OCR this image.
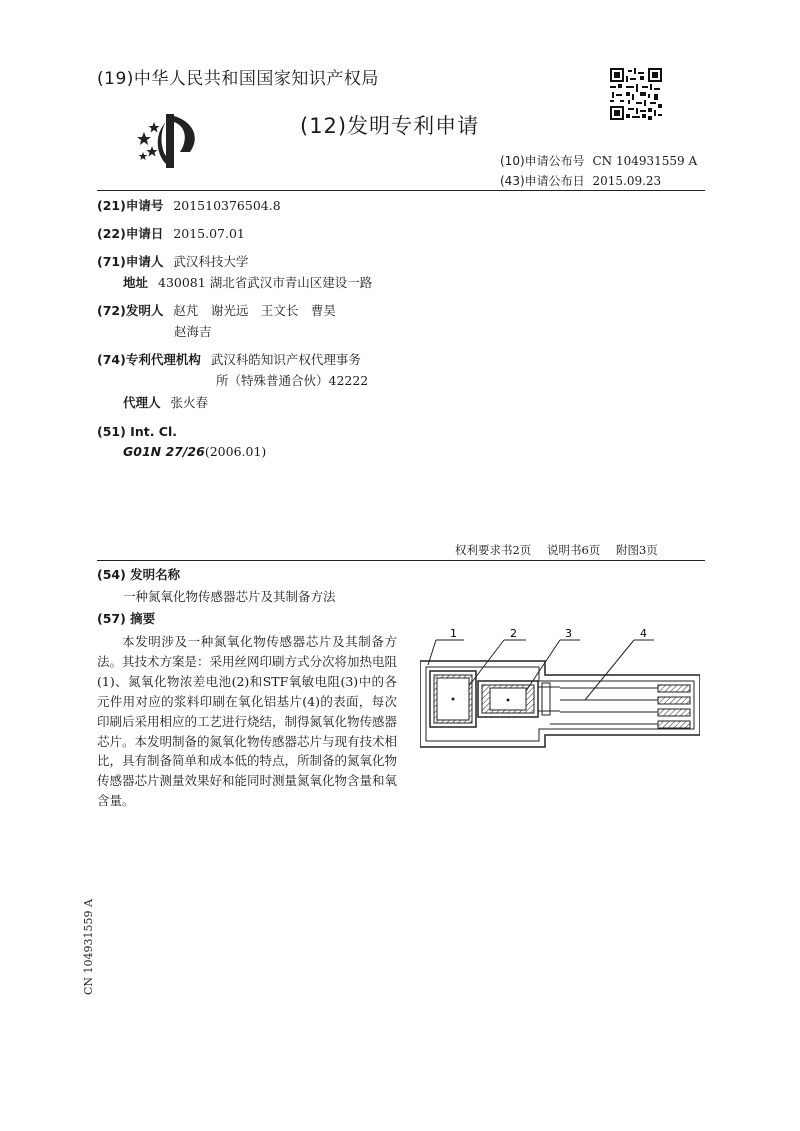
(19)中华人民共和国国家知识产权局
(12)发明专利申请
(10)申请公布号 CN 104931559 A
(43)申请公布日 2015.09.23
(21)申请号 201510376504.8
(22)申请日 2015.07.01
(71)申请人 武汉科技大学
地址 430081 湖北省武汉市青山区建设一路
(72)发明人 赵芃　谢光远　王文长　曹昊
赵海吉
(74)专利代理机构 武汉科皓知识产权代理事务
所（特殊普通合伙）42222
代理人 张火春
(51) Int. Cl.
G01N 27/26(2006.01)
权利要求书2页 说明书6页 附图3页
(54) 发明名称
一种氮氧化物传感器芯片及其制备方法
(57) 摘要
本发明涉及一种氮氧化物传感器芯片及其制备方法。其技术方案是：采用丝网印刷方式分次将加热电阻(1)、氮氧化物浓差电池(2)和STF氧敏电阻(3)中的各元件用对应的浆料印刷在氧化铝基片(4)的表面，每次印刷后采用相应的工艺进行烧结，制得氮氧化物传感器芯片。本发明制备的氮氧化物传感器芯片与现有技术相比，具有制备简单和成本低的特点，所制备的氮氧化物传感器芯片测量效果好和能同时测量氮氧化物含量和氧含量。
1	2	3	4
CN 104931559 A
